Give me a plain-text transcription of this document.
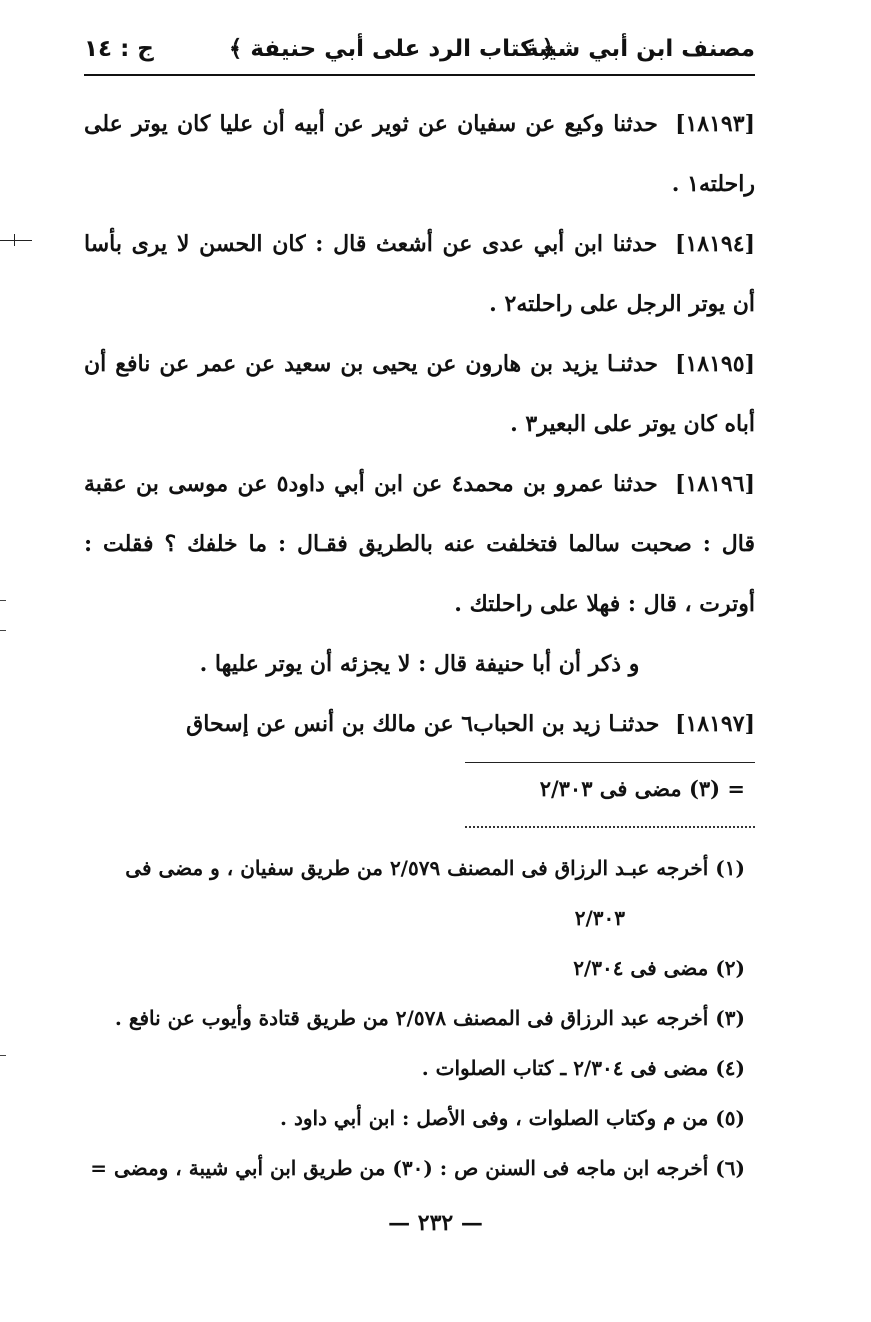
مصنف ابن أبي شيبة
﴿ كتاب الرد على أبي حنيفة ﴾
ج : ١٤

[١٨١٩٣] حدثنا وكيع عن سفيان عن ثوير عن أبيه أن عليا كان يوتر على راحلته١ .

[١٨١٩٤] حدثنا ابن أبي عدى عن أشعث قال : كان الحسن لا يرى بأسا أن يوتر الرجل على راحلته٢ .

[١٨١٩٥] حدثنـا يزيد بن هارون عن يحيى بن سعيد عن عمر عن نافع أن أباه كان يوتر على البعير٣ .

[١٨١٩٦] حدثنا عمرو بن محمد٤ عن ابن أبي داود٥ عن موسى بن عقبة قال : صحبت سالما فتخلفت عنه بالطريق فقـال : ما خلفك ؟ فقلت : أوترت ، قال : فهلا على راحلتك .

و ذكر أن أبا حنيفة قال : لا يجزئه أن يوتر عليها .

[١٨١٩٧] حدثنـا زيد بن الحباب٦ عن مالك بن أنس عن إسحاق

= (٣) مضى فى ٢/٣٠٣

(١) أخرجه عبـد الرزاق فى المصنف ٢/٥٧٩ من طريق سفيان ، و مضى فى

٢/٣٠٣

(٢) مضى فى ٢/٣٠٤

(٣) أخرجه عبد الرزاق فى المصنف ٢/٥٧٨ من طريق قتادة وأيوب عن نافع .

(٤) مضى فى ٢/٣٠٤ ـ كتاب الصلوات .

(٥) من م وكتاب الصلوات ، وفى الأصل : ابن أبي داود .

(٦) أخرجه ابن ماجه فى السنن ص : (٣٠) من طريق ابن أبي شيبة ، ومضى =

— ٢٣٢ —
